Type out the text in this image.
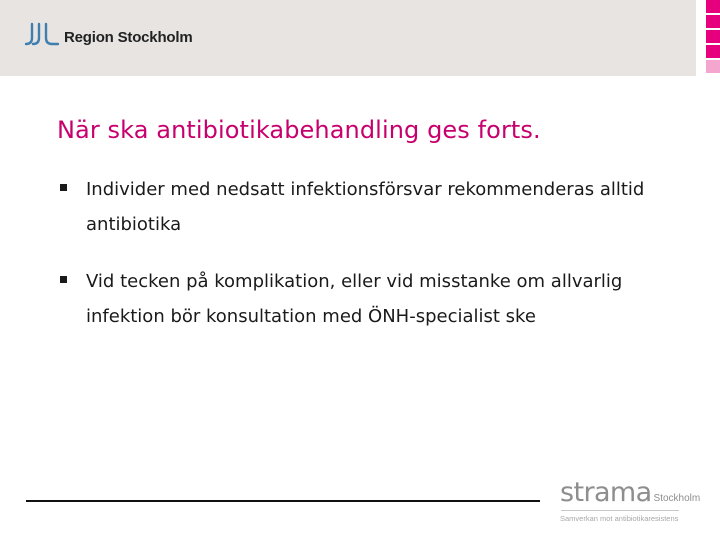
Region Stockholm
När ska antibiotikabehandling ges forts.
Individer med nedsatt infektionsförsvar rekommenderas alltid antibiotika
Vid tecken på komplikation, eller vid misstanke om allvarlig infektion bör konsultation med ÖNH-specialist ske
strama Stockholm
Samverkan mot antibiotikaresistens
